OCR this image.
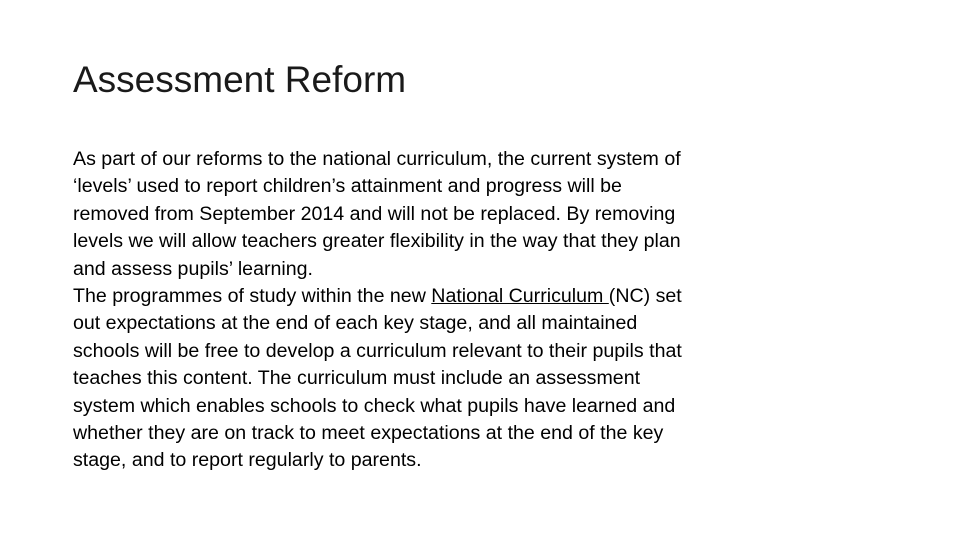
Assessment Reform

As part of our reforms to the national curriculum, the current system of
‘levels’ used to report children’s attainment and progress will be
removed from September 2014 and will not be replaced. By removing
levels we will allow teachers greater flexibility in the way that they plan
and assess pupils’ learning.

The programmes of study within the new National Curriculum (NC) set
out expectations at the end of each key stage, and all maintained
schools will be free to develop a curriculum relevant to their pupils that
teaches this content. The curriculum must include an assessment
system which enables schools to check what pupils have learned and
whether they are on track to meet expectations at the end of the key
stage, and to report regularly to parents.
